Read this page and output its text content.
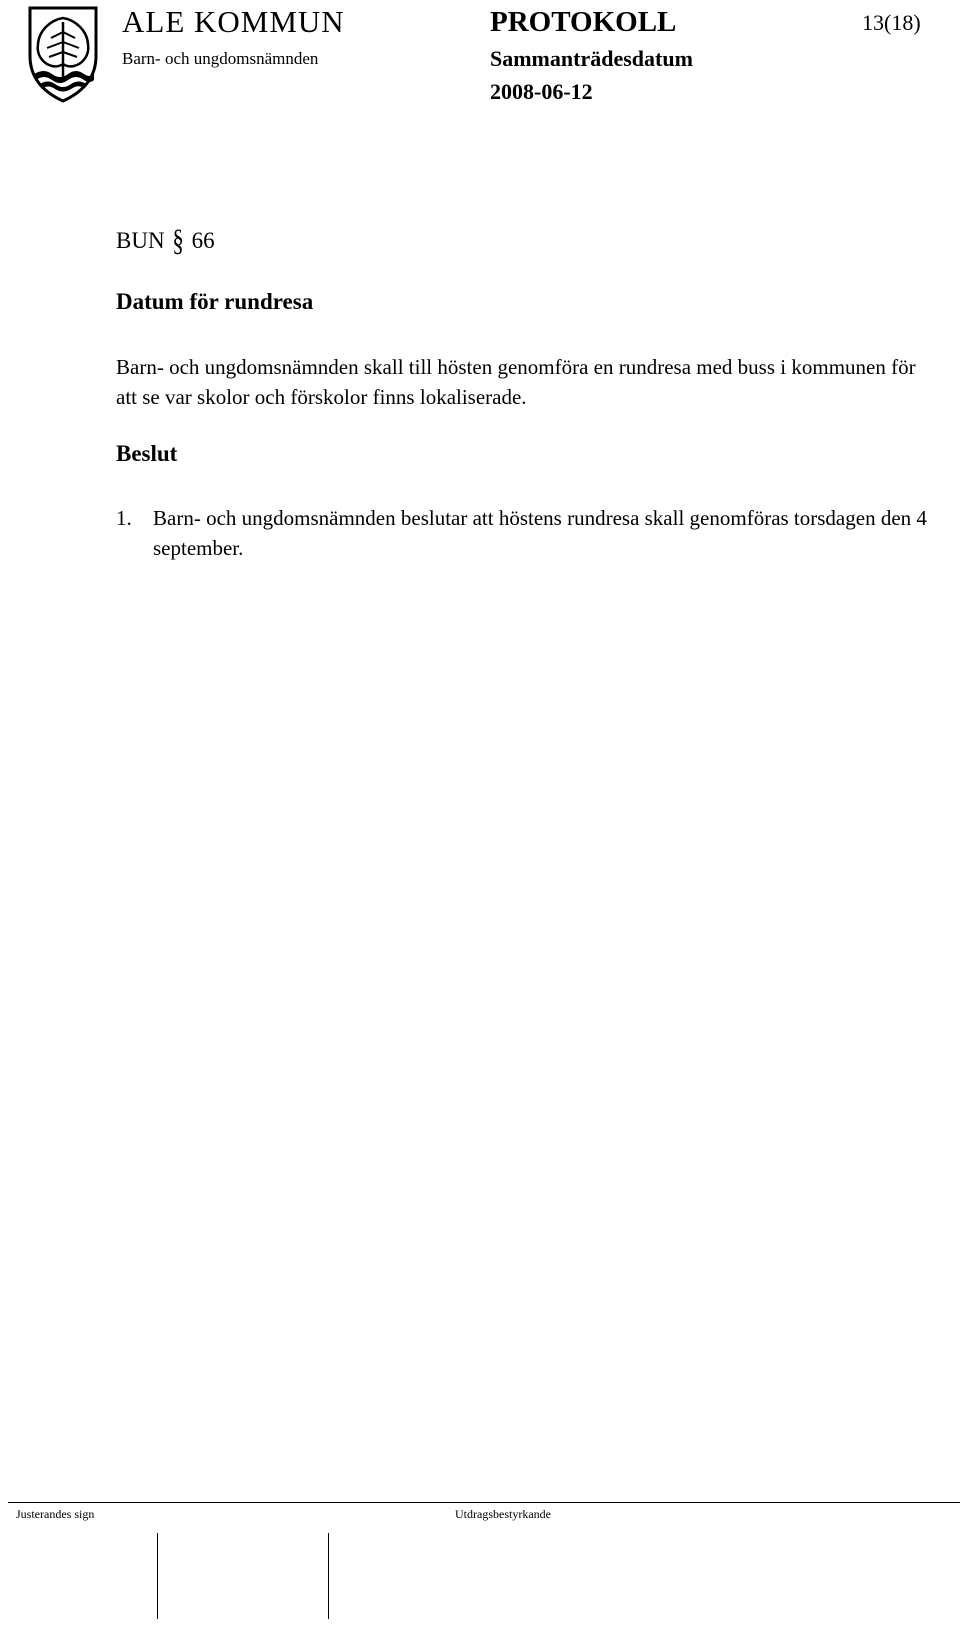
ALE KOMMUN
Barn- och ungdomsnämnden
PROTOKOLL
Sammanträdesdatum
2008-06-12
13(18)
BUN § 66
Datum för rundresa

Barn- och ungdomsnämnden skall till hösten genomföra en rundresa med buss i kommunen för att se var skolor och förskolor finns lokaliserade.

Beslut
1. Barn- och ungdomsnämnden beslutar att höstens rundresa skall genomföras torsdagen den 4 september.
Justerandes sign	Utdragsbestyrkande
